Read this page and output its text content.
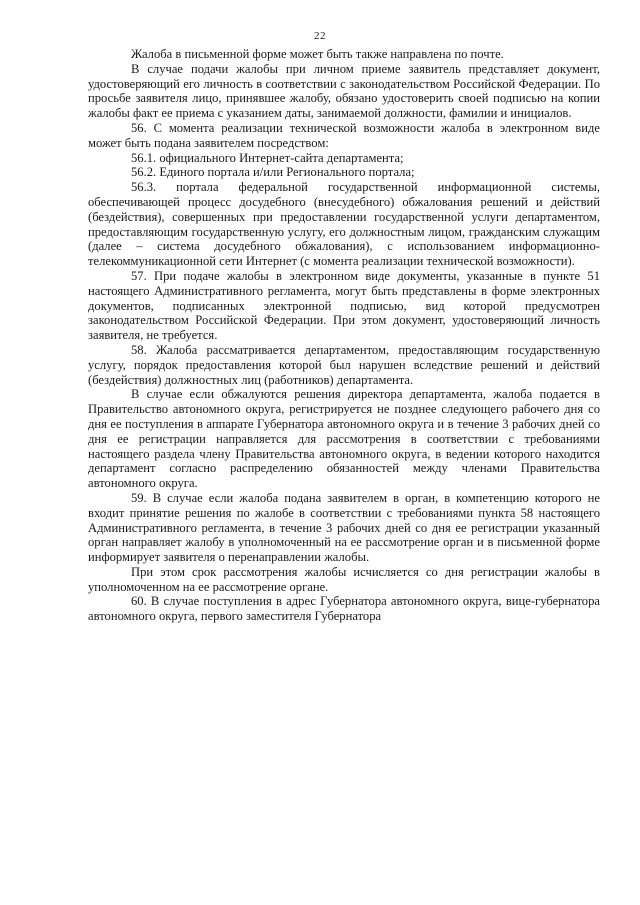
22

Жалоба в письменной форме может быть также направлена по почте.

В случае подачи жалобы при личном приеме заявитель представляет документ, удостоверяющий его личность в соответствии с законодательством Российской Федерации. По просьбе заявителя лицо, принявшее жалобу, обязано удостоверить своей подписью на копии жалобы факт ее приема с указанием даты, занимаемой должности, фамилии и инициалов.

56. С момента реализации технической возможности жалоба в электронном виде может быть подана заявителем посредством:

56.1. официального Интернет-сайта департамента;

56.2. Единого портала и/или Регионального портала;

56.3. портала федеральной государственной информационной системы, обеспечивающей процесс досудебного (внесудебного) обжалования решений и действий (бездействия), совершенных при предоставлении государственной услуги департаментом, предоставляющим государственную услугу, его должностным лицом, гражданским служащим (далее – система досудебного обжалования), с использованием информационно-телекоммуникационной сети Интернет (с момента реализации технической возможности).

57. При подаче жалобы в электронном виде документы, указанные в пункте 51 настоящего Административного регламента, могут быть представлены в форме электронных документов, подписанных электронной подписью, вид которой предусмотрен законодательством Российской Федерации. При этом документ, удостоверяющий личность заявителя, не требуется.

58. Жалоба рассматривается департаментом, предоставляющим государственную услугу, порядок предоставления которой был нарушен вследствие решений и действий (бездействия) должностных лиц (работников) департамента.

В случае если обжалуются решения директора департамента, жалоба подается в Правительство автономного округа, регистрируется не позднее следующего рабочего дня со дня ее поступления в аппарате Губернатора автономного округа и в течение 3 рабочих дней со дня ее регистрации направляется для рассмотрения в соответствии с требованиями настоящего раздела члену Правительства автономного округа, в ведении которого находится департамент согласно распределению обязанностей между членами Правительства автономного округа.

59. В случае если жалоба подана заявителем в орган, в компетенцию которого не входит принятие решения по жалобе в соответствии с требованиями пункта 58 настоящего Административного регламента, в течение 3 рабочих дней со дня ее регистрации указанный орган направляет жалобу в уполномоченный на ее рассмотрение орган и в письменной форме информирует заявителя о перенаправлении жалобы.

При этом срок рассмотрения жалобы исчисляется со дня регистрации жалобы в уполномоченном на ее рассмотрение органе.

60. В случае поступления в адрес Губернатора автономного округа, вице-губернатора автономного округа, первого заместителя Губернатора
